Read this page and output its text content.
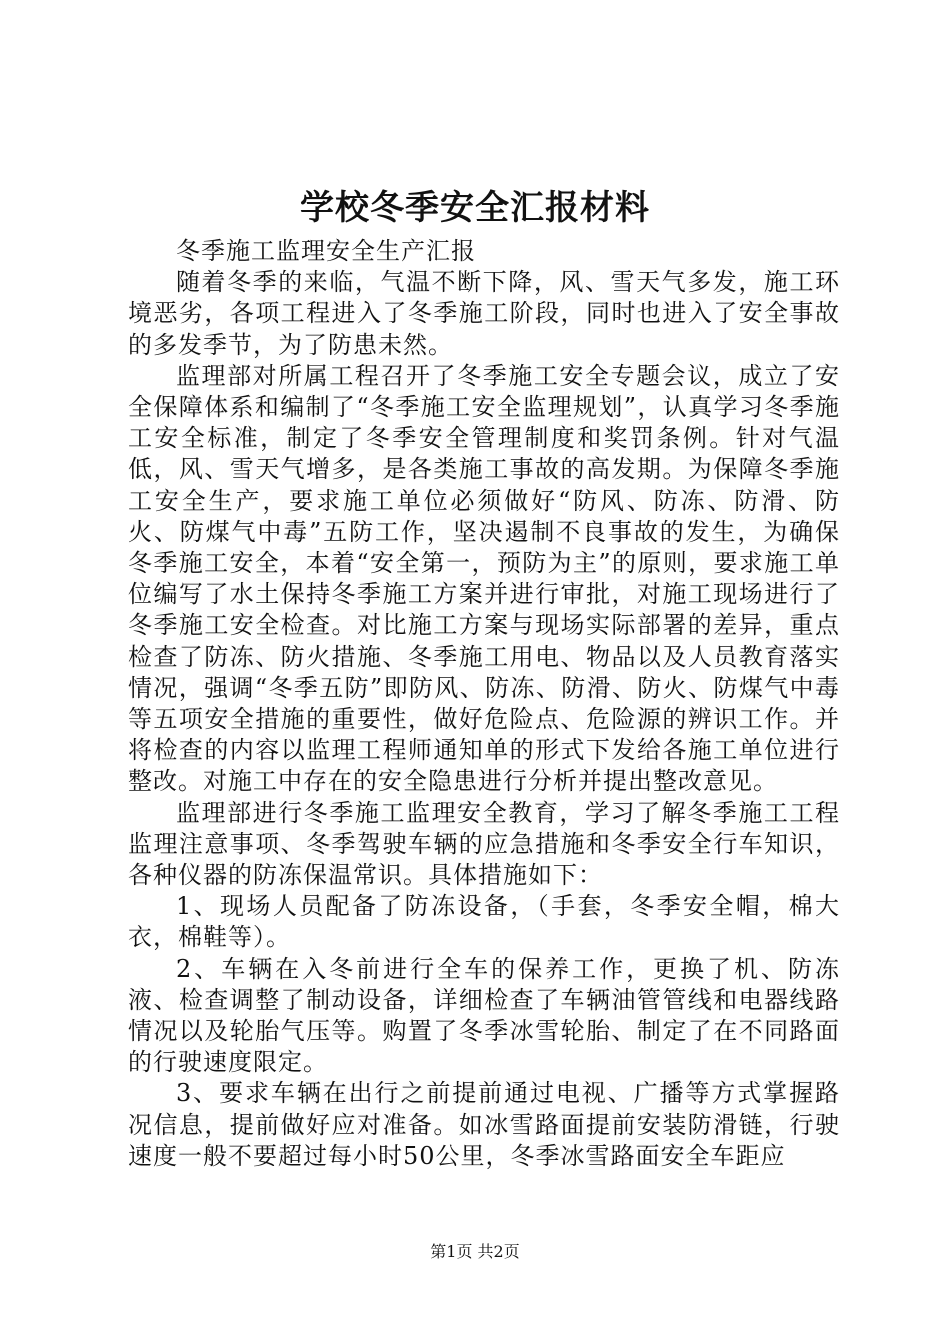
学校冬季安全汇报材料

冬季施工监理安全生产汇报

随着冬季的来临，气温不断下降，风、雪天气多发，施工环境恶劣，各项工程进入了冬季施工阶段，同时也进入了安全事故的多发季节，为了防患未然。

监理部对所属工程召开了冬季施工安全专题会议，成立了安全保障体系和编制了“冬季施工安全监理规划”，认真学习冬季施工安全标准，制定了冬季安全管理制度和奖罚条例。针对气温低，风、雪天气增多，是各类施工事故的高发期。为保障冬季施工安全生产，要求施工单位必须做好“防风、防冻、防滑、防火、防煤气中毒”五防工作，坚决遏制不良事故的发生，为确保冬季施工安全，本着“安全第一，预防为主”的原则，要求施工单位编写了水土保持冬季施工方案并进行审批，对施工现场进行了冬季施工安全检查。对比施工方案与现场实际部署的差异，重点检查了防冻、防火措施、冬季施工用电、物品以及人员教育落实情况，强调“冬季五防”即防风、防冻、防滑、防火、防煤气中毒等五项安全措施的重要性，做好危险点、危险源的辨识工作。并将检查的内容以监理工程师通知单的形式下发给各施工单位进行整改。对施工中存在的安全隐患进行分析并提出整改意见。

监理部进行冬季施工监理安全教育，学习了解冬季施工工程监理注意事项、冬季驾驶车辆的应急措施和冬季安全行车知识，各种仪器的防冻保温常识。具体措施如下：

1、现场人员配备了防冻设备，（手套，冬季安全帽，棉大衣，棉鞋等）。

2、车辆在入冬前进行全车的保养工作，更换了机、防冻液、检查调整了制动设备，详细检查了车辆油管管线和电器线路情况以及轮胎气压等。购置了冬季冰雪轮胎、制定了在不同路面的行驶速度限定。

3、要求车辆在出行之前提前通过电视、广播等方式掌握路况信息，提前做好应对准备。如冰雪路面提前安装防滑链，行驶速度一般不要超过每小时50公里，冬季冰雪路面安全车距应

第1页 共2页
